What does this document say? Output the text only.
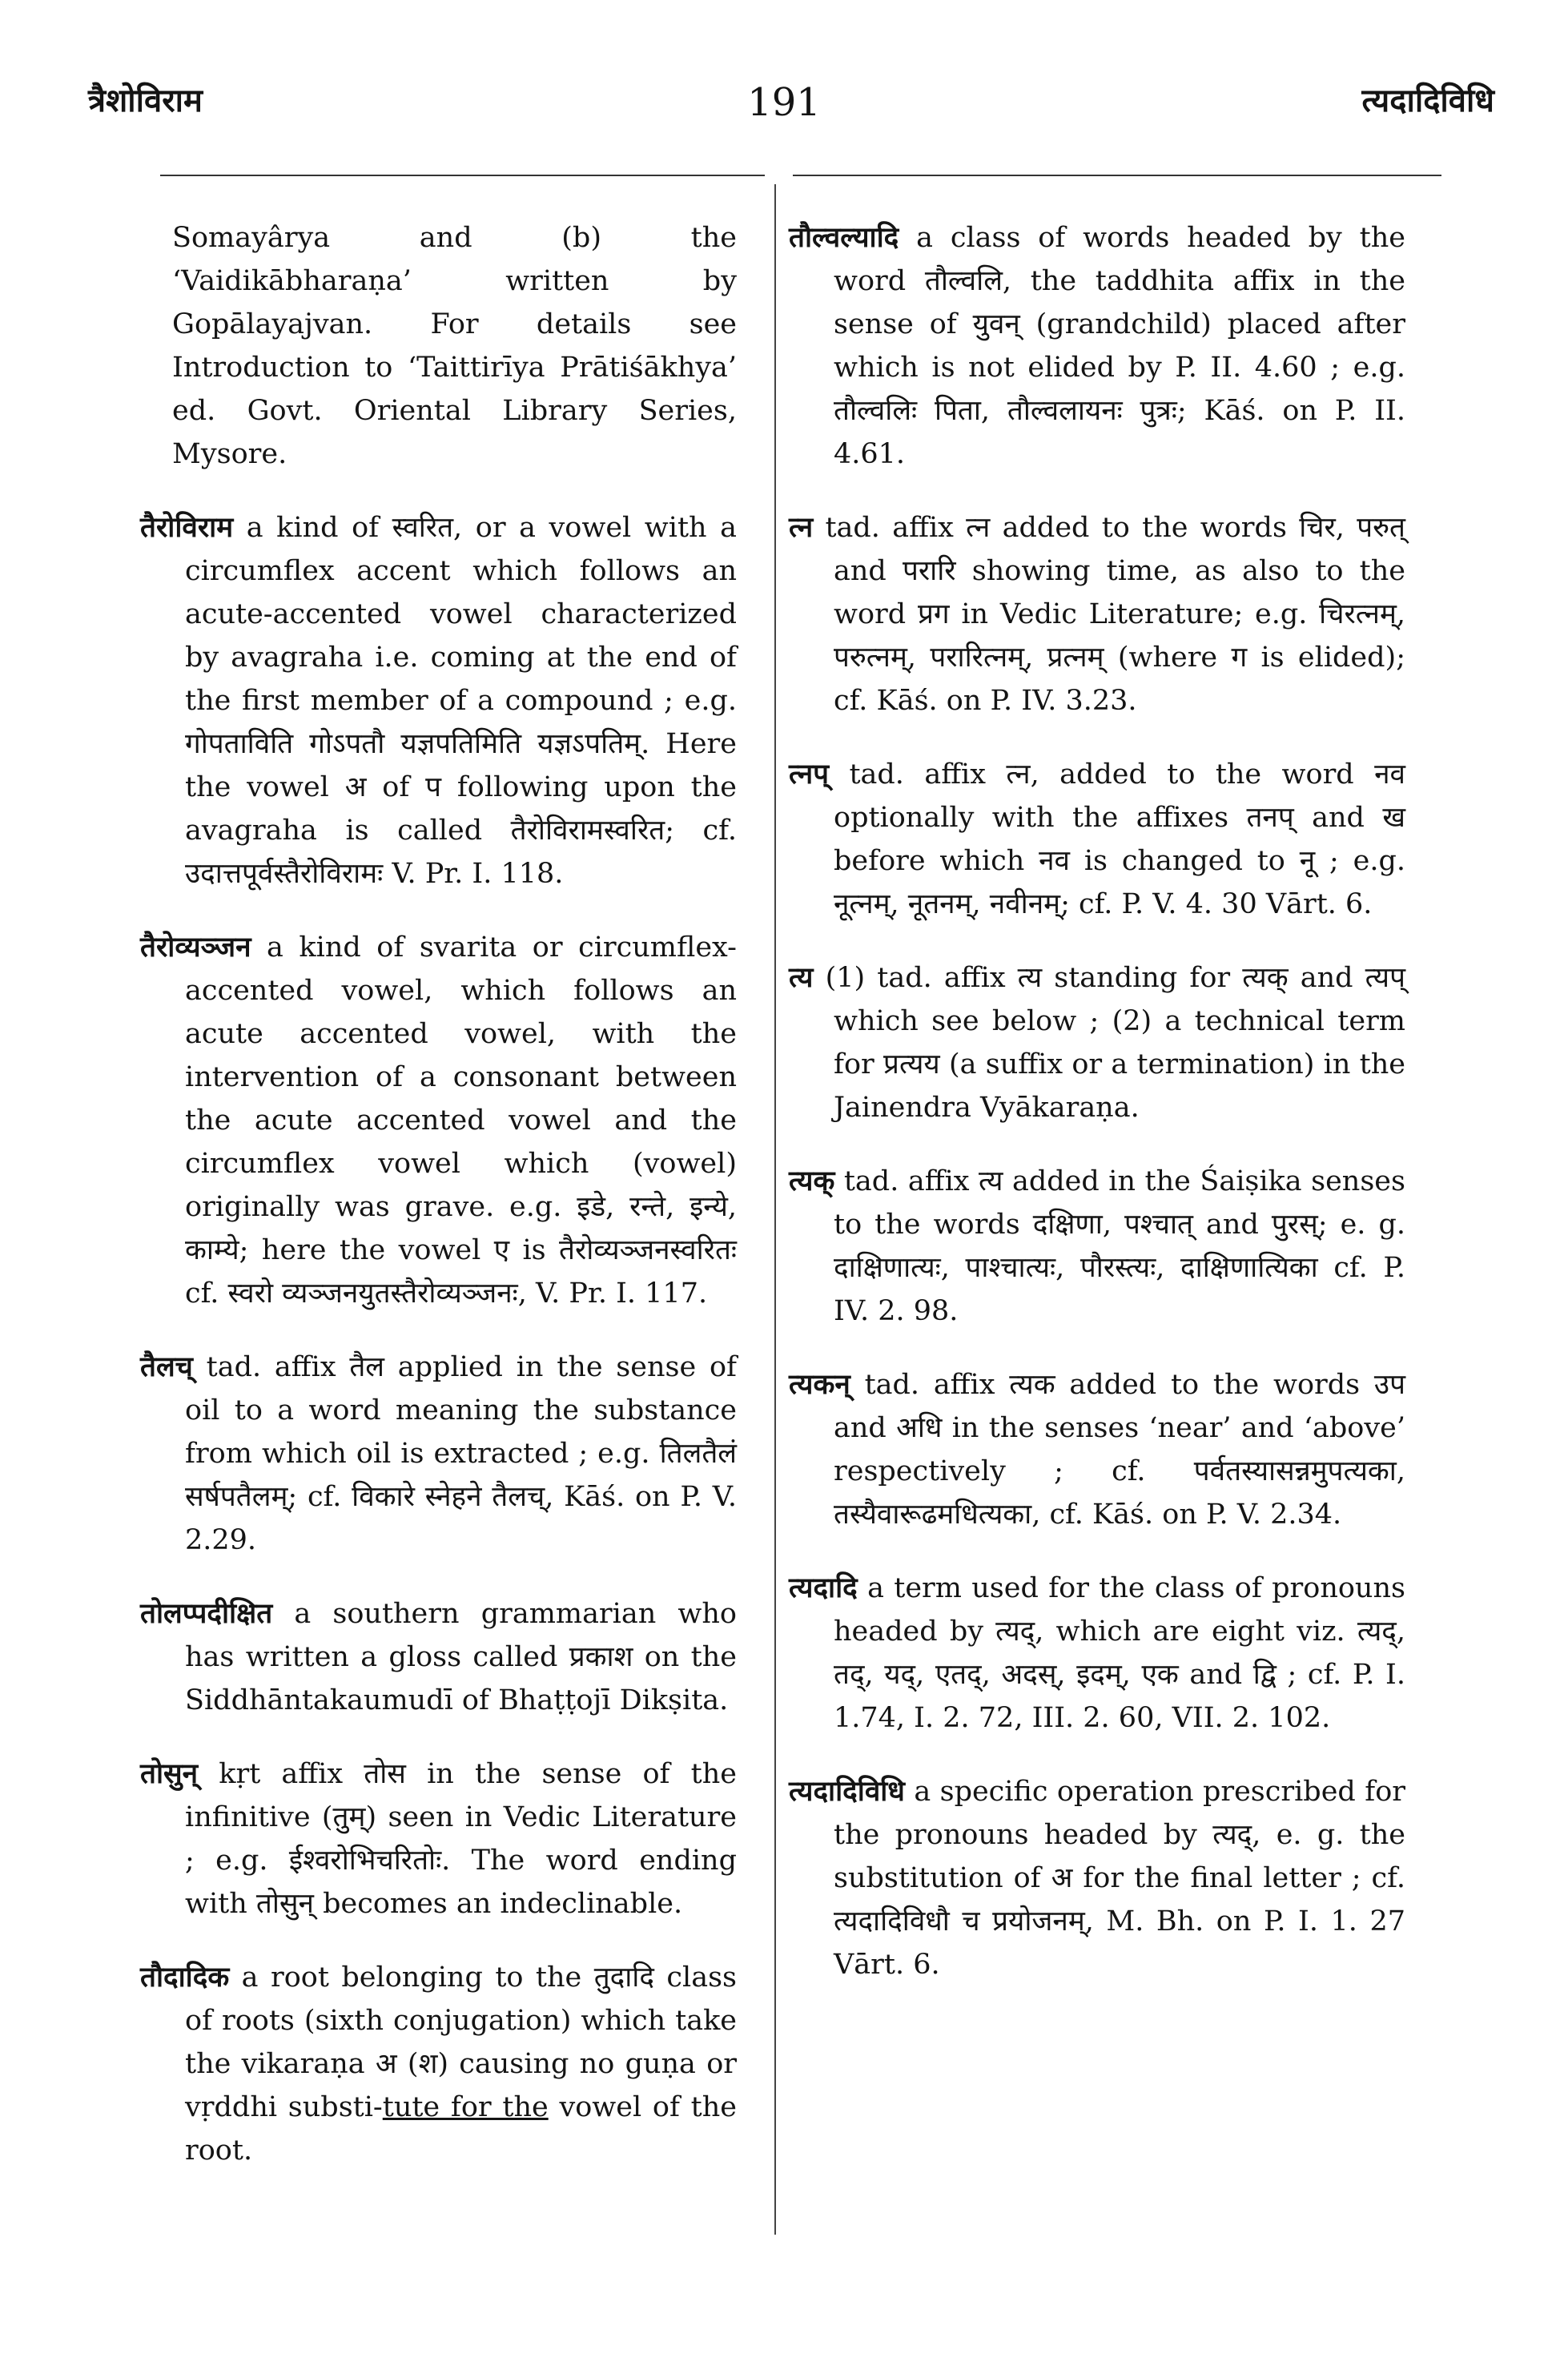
त्रैशोविराम	191	त्यदादिविधि

Somayârya and (b) the ‘Vaidikābharaṇa’ written by Gopālayajvan. For details see Introduction to ‘Taittirīya Prātiśākhya’ ed. Govt. Oriental Library Series, Mysore.

तैरोविराम a kind of स्वरित, or a vowel with a circumflex accent which follows an acute-accented vowel characterized by avagraha i.e. coming at the end of the first member of a compound ; e.g. गोपताविति गोऽपतौ यज्ञपतिमिति यज्ञऽपतिम्. Here the vowel अ of प following upon the avagraha is called तैरोविरामस्वरित; cf. उदात्तपूर्वस्तैरोविरामः V. Pr. I. 118.

तैरोव्यञ्जन a kind of svarita or circumflex-accented vowel, which follows an acute accented vowel, with the intervention of a consonant between the acute accented vowel and the circumflex vowel which (vowel) originally was grave. e.g. इडे, रन्ते, इन्ये, काम्ये; here the vowel ए is तैरोव्यञ्जनस्वरितः cf. स्वरो व्यञ्जनयुतस्तैरोव्यञ्जनः, V. Pr. I. 117.

तैलच् tad. affix तैल applied in the sense of oil to a word meaning the substance from which oil is extracted ; e.g. तिलतैलं सर्षपतैलम्; cf. विकारे स्नेहने तैलच्, Kāś. on P. V. 2.29.

तोलप्पदीक्षित a southern grammarian who has written a gloss called प्रकाश on the Siddhāntakaumudī of Bhaṭṭojī Dikṣita.

तोसुन् kṛt affix तोस in the sense of the infinitive (तुम्) seen in Vedic Literature ; e.g. ईश्वरोभिचरितोः. The word ending with तोसुन् becomes an indeclinable.

तौदादिक a root belonging to the तुदादि class of roots (sixth conjugation) which take the vikaraṇa अ (श) causing no guṇa or vṛddhi substi-tute for the vowel of the root.

तौल्वल्यादि a class of words headed by the word तौल्वलि, the taddhita affix in the sense of युवन् (grandchild) placed after which is not elided by P. II. 4.60 ; e.g. तौल्वलिः पिता, तौल्वलायनः पुत्रः; Kāś. on P. II. 4.61.

त्न tad. affix त्न added to the words चिर, परुत् and परारि showing time, as also to the word प्रग in Vedic Literature; e.g. चिरत्नम्, परुत्नम्, परारित्नम्, प्रत्नम् (where ग is elided); cf. Kāś. on P. IV. 3.23.

त्नप् tad. affix त्न, added to the word नव optionally with the affixes तनप् and ख before which नव is changed to नू ; e.g. नूत्नम्, नूतनम्, नवीनम्; cf. P. V. 4. 30 Vārt. 6.

त्य (1) tad. affix त्य standing for त्यक् and त्यप् which see below ; (2) a technical term for प्रत्यय (a suffix or a termination) in the Jainendra Vyākaraṇa.

त्यक् tad. affix त्य added in the Śaiṣika senses to the words दक्षिणा, पश्चात् and पुरस्; e. g. दाक्षिणात्यः, पाश्चात्यः, पौरस्त्यः, दाक्षिणात्यिका cf. P. IV. 2. 98.

त्यकन् tad. affix त्यक added to the words उप and अधि in the senses ‘near’ and ‘above’ respectively ; cf. पर्वतस्यासन्नमुपत्यका, तस्यैवारूढमधित्यका, cf. Kāś. on P. V. 2.34.

त्यदादि a term used for the class of pronouns headed by त्यद्, which are eight viz. त्यद्, तद्, यद्, एतद्, अदस्, इदम्, एक and द्वि ; cf. P. I. 1.74, I. 2. 72, III. 2. 60, VII. 2. 102.

त्यदादिविधि a specific operation prescribed for the pronouns headed by त्यद्, e. g. the substitution of अ for the final letter ; cf. त्यदादिविधौ च प्रयोजनम्, M. Bh. on P. I. 1. 27 Vārt. 6.
